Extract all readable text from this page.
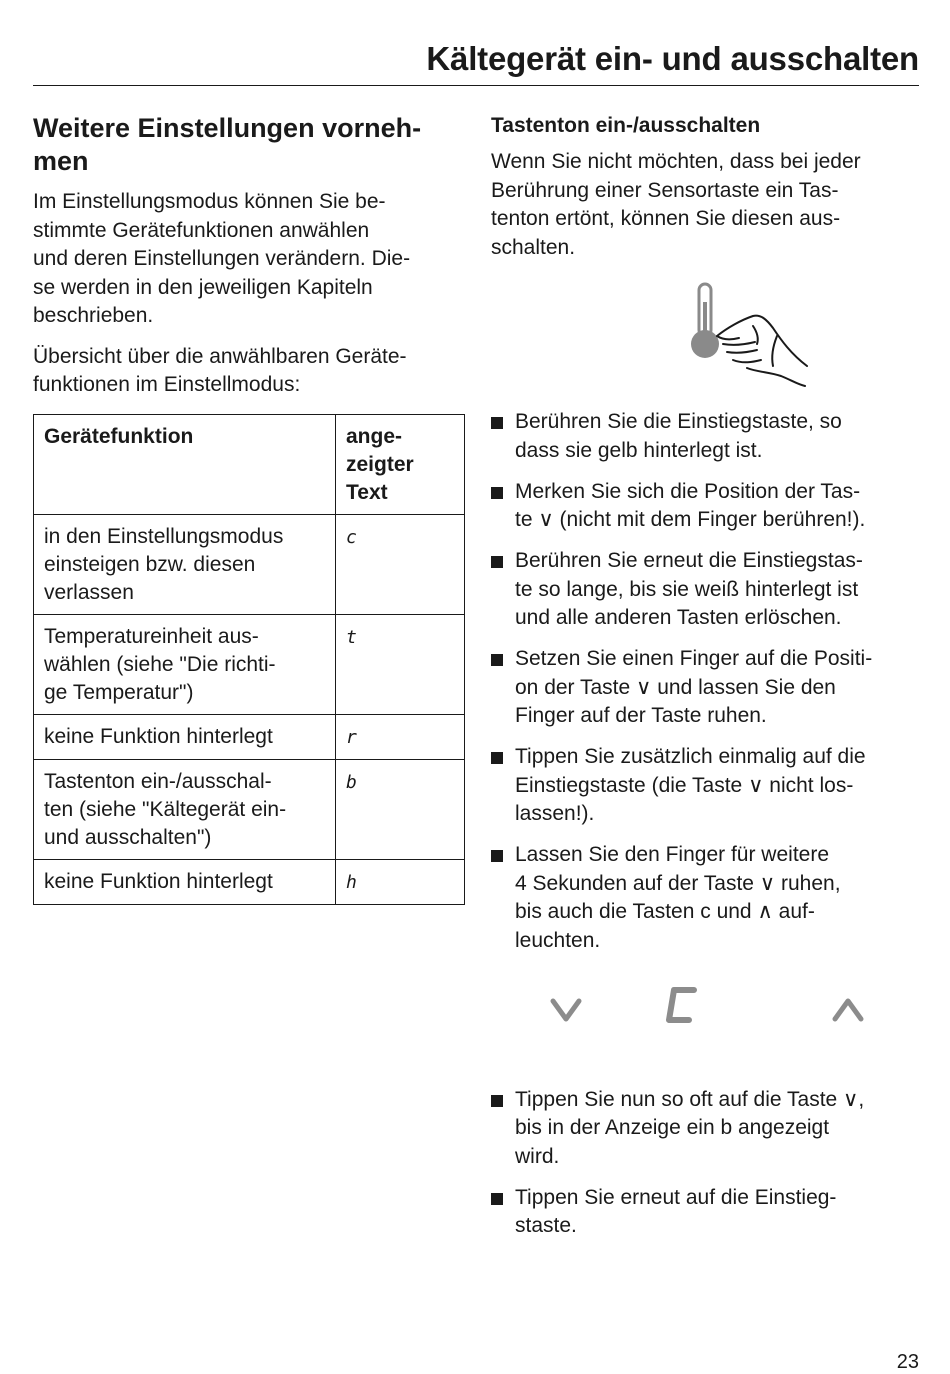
Kältegerät ein- und ausschalten
Weitere Einstellungen vorneh-
men

Im Einstellungsmodus können Sie be-
stimmte Gerätefunktionen anwählen
und deren Einstellungen verändern. Die-
se werden in den jeweiligen Kapiteln
beschrieben.

Übersicht über die anwählbaren Geräte-
funktionen im Einstellmodus:

Gerätefunktion	ange-
zeigter
Text
in den Einstellungsmodus
einsteigen bzw. diesen
verlassen	c
Temperatureinheit aus-
wählen (siehe "Die richti-
ge Temperatur")	t
keine Funktion hinterlegt	r
Tastenton ein-/ausschal-
ten (siehe "Kältegerät ein-
und ausschalten")	b
keine Funktion hinterlegt	h
Tastenton ein-/ausschalten

Wenn Sie nicht möchten, dass bei jeder
Berührung einer Sensortaste ein Tas-
tenton ertönt, können Sie diesen aus-
schalten.

Berühren Sie die Einstiegstaste, so
dass sie gelb hinterlegt ist.
Merken Sie sich die Position der Tas-
te ∨ (nicht mit dem Finger berühren!).
Berühren Sie erneut die Einstiegstas-
te so lange, bis sie weiß hinterlegt ist
und alle anderen Tasten erlöschen.
Setzen Sie einen Finger auf die Positi-
on der Taste ∨ und lassen Sie den
Finger auf der Taste ruhen.
Tippen Sie zusätzlich einmalig auf die
Einstiegstaste (die Taste ∨ nicht los-
lassen!).
Lassen Sie den Finger für weitere
4 Sekunden auf der Taste ∨ ruhen,
bis auch die Tasten c und ∧ auf-
leuchten.
Tippen Sie nun so oft auf die Taste ∨,
bis in der Anzeige ein b angezeigt
wird.
Tippen Sie erneut auf die Einstieg-
staste.
23
